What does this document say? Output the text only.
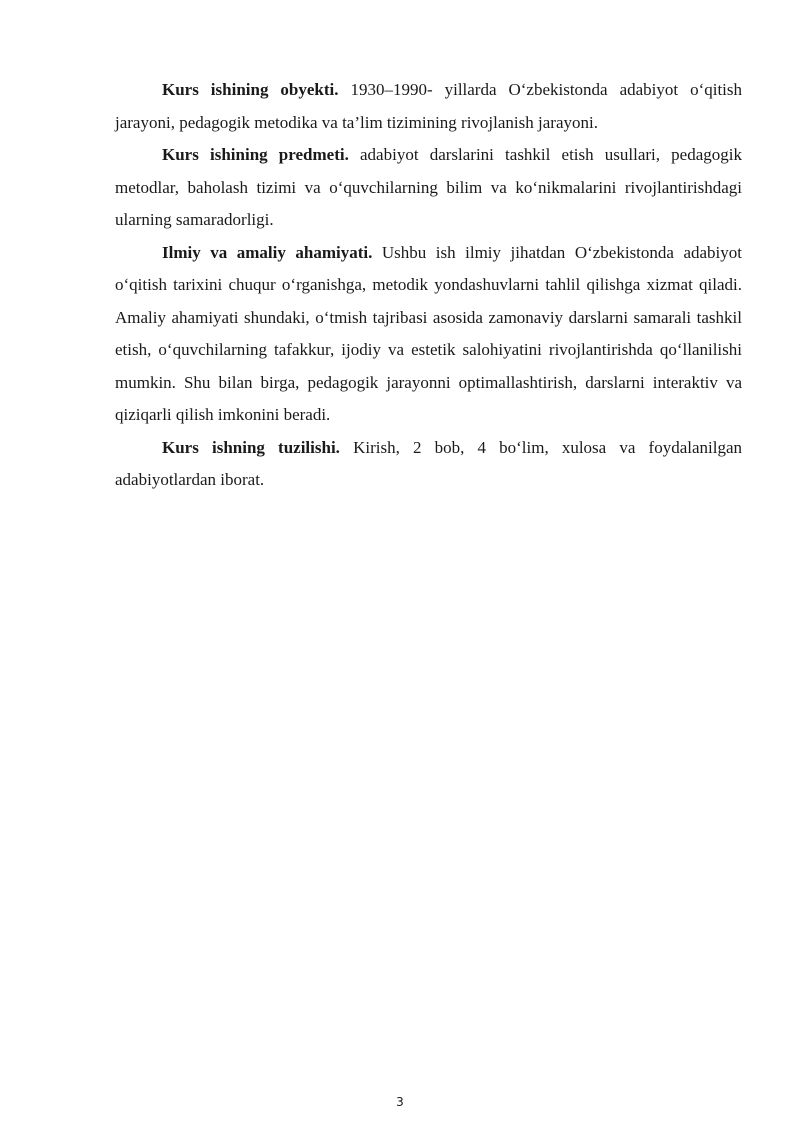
Kurs ishining obyekti. 1930–1990- yillarda O‘zbekistonda adabiyot o‘qitish jarayoni, pedagogik metodika va ta’lim tizimining rivojlanish jarayoni.

Kurs ishining predmeti. adabiyot darslarini tashkil etish usullari, pedagogik metodlar, baholash tizimi va o‘quvchilarning bilim va ko‘nikmalarini rivojlantirishdagi ularning samaradorligi.

Ilmiy va amaliy ahamiyati. Ushbu ish ilmiy jihatdan O‘zbekistonda adabiyot o‘qitish tarixini chuqur o‘rganishga, metodik yondashuvlarni tahlil qilishga xizmat qiladi. Amaliy ahamiyati shundaki, o‘tmish tajribasi asosida zamonaviy darslarni samarali tashkil etish, o‘quvchilarning tafakkur, ijodiy va estetik salohiyatini rivojlantirishda qo‘llanilishi mumkin. Shu bilan birga, pedagogik jarayonni optimallashtirish, darslarni interaktiv va qiziqarli qilish imkonini beradi.

Kurs ishning tuzilishi. Kirish, 2 bob, 4 bo‘lim, xulosa va foydalanilgan adabiyotlardan iborat.

3
